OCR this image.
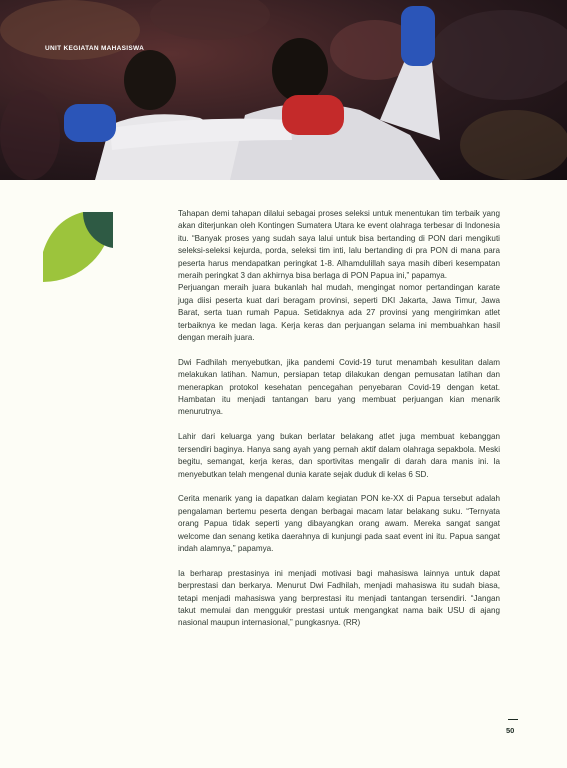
UNIT KEGIATAN MAHASISWA

Tahapan demi tahapan dilalui sebagai proses seleksi untuk menentukan tim terbaik yang akan diterjunkan oleh Kontingen Sumatera Utara ke event olahraga terbesar di Indonesia itu. “Banyak proses yang sudah saya lalui untuk bisa bertanding di PON dari mengikuti seleksi-seleksi kejurda, porda, seleksi tim inti, lalu bertanding di pra PON di mana para peserta harus mendapatkan peringkat 1-8. Alhamdulillah saya masih diberi kesempatan meraih peringkat 3 dan akhirnya bisa berlaga di PON Papua ini,” papamya.

Perjuangan meraih juara bukanlah hal mudah, mengingat nomor pertandingan karate juga diisi peserta kuat dari beragam provinsi, seperti DKI Jakarta, Jawa Timur, Jawa Barat, serta tuan rumah Papua. Setidaknya ada 27 provinsi yang mengirimkan atlet terbaiknya ke medan laga. Kerja keras dan perjuangan selama ini membuahkan hasil dengan meraih juara.

Dwi Fadhilah menyebutkan, jika pandemi Covid-19 turut menambah kesulitan dalam melakukan latihan. Namun, persiapan tetap dilakukan dengan pemusatan latihan dan menerapkan protokol kesehatan pencegahan penyebaran Covid-19 dengan ketat. Hambatan itu menjadi tantangan baru yang membuat perjuangan kian menarik menurutnya.

Lahir dari keluarga yang bukan berlatar belakang atlet juga membuat kebanggan tersendiri baginya. Hanya sang ayah yang pernah aktif dalam olahraga sepakbola. Meski begitu, semangat, kerja keras, dan sportivitas mengalir di darah dara manis ini. Ia menyebutkan telah mengenal dunia karate sejak duduk di kelas 6 SD.

Cerita menarik yang ia dapatkan dalam kegiatan PON ke-XX di Papua tersebut adalah pengalaman bertemu peserta dengan berbagai macam latar belakang suku. “Ternyata orang Papua tidak seperti yang dibayangkan orang awam. Mereka sangat sangat welcome dan senang ketika daerahnya di kunjungi pada saat event ini itu. Papua sangat indah alamnya,” papamya.

Ia berharap prestasinya ini menjadi motivasi bagi mahasiswa lainnya untuk dapat berprestasi dan berkarya. Menurut Dwi Fadhilah, menjadi mahasiswa itu sudah biasa, tetapi menjadi mahasiswa yang berprestasi itu menjadi tantangan tersendiri. “Jangan takut memulai dan menggukir prestasi untuk mengangkat nama baik USU di ajang nasional maupun internasional,” pungkasnya. (RR)

50
